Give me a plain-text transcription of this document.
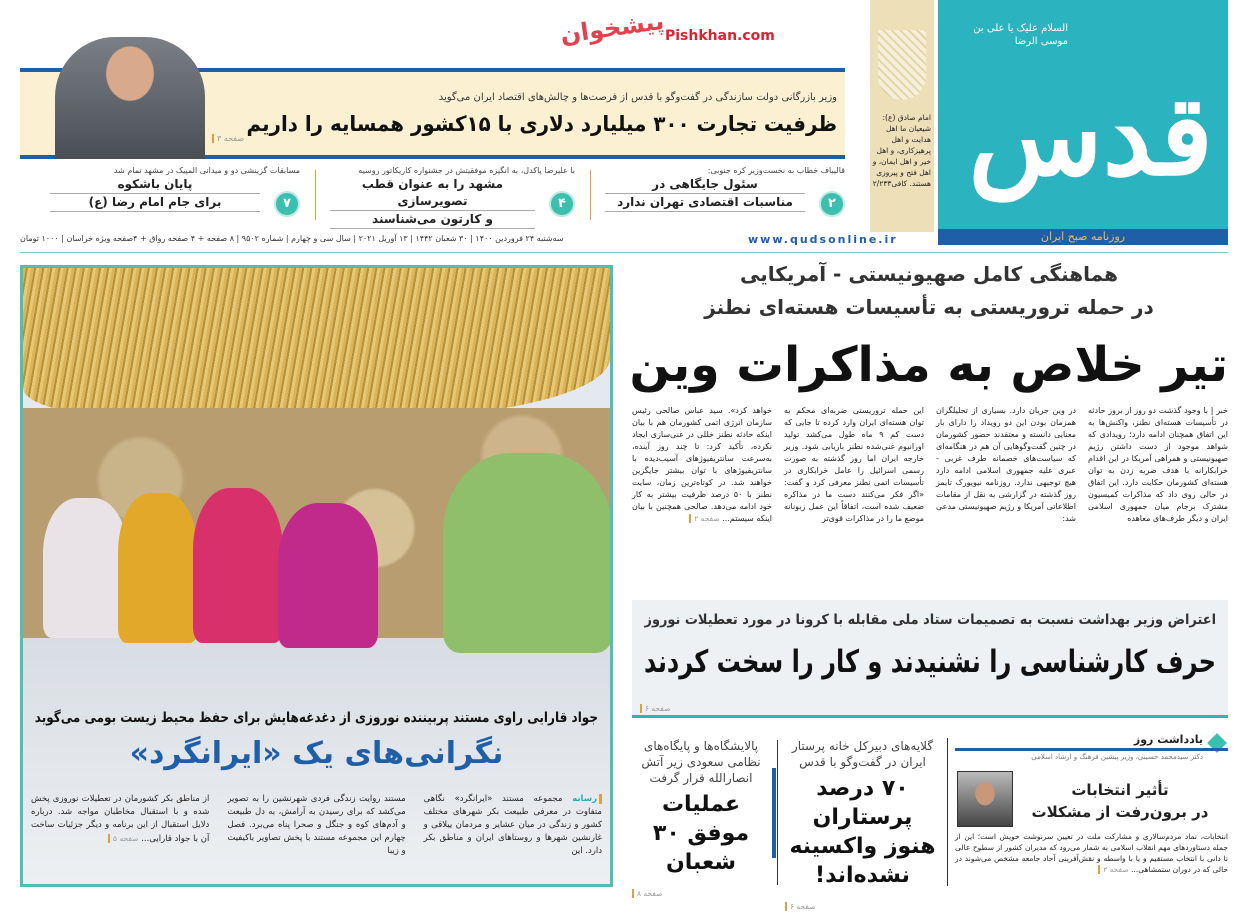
السلام علیک یا علی بن موسی الرضا
قدس
روزنامه صبح ایران

امام صادق (ع): شیعیان ما اهل هدایت و اهل پرهیزکاری، و اهل خیر و اهل ایمان، و اهل فتح و پیروزی هستند. کافی۲/۲۳۳

پیشخوان Pishkhan.com
وزیر بازرگانی دولت سازندگی در گفت‌وگو با قدس از فرصت‌ها و چالش‌های اقتصاد ایران می‌گوید
ظرفیت تجارت ۳۰۰ میلیارد دلاری با ۱۵کشور همسایه را داریم
صفحه ۳
۲
قالیباف خطاب به نخست‌وزیر کره جنوبی:
سئول جایگاهی در
مناسبات اقتصادی تهران ندارد
۴
با علیرضا پاکدل، به انگیزه موفقیتش در جشنواره کاریکاتور روسیه
مشهد را به عنوان قطب تصویرسازی
و کارتون می‌شناسند
۷
مسابقات گزینشی دو و میدانی المپیک در مشهد تمام شد
پایان باشکوه
برای جام امام رضا (ع)
سه‌شنبه ۲۴ فروردین ۱۴۰۰ | ۳۰ شعبان ۱۴۴۲ | ۱۳ آوریل ۲۰۲۱ | سال سی و چهارم | شماره ۹۵۰۲ | ۸ صفحه + ۴ صفحه رواق + ۴صفحه ویژه خراسان | ۱۰۰۰ تومان	www.qudsonline.ir
جواد قارایی راوی مستند پربیننده نوروزی از دغدغه‌هایش برای حفظ محیط زیست بومی می‌گوید
نگرانی‌های یک «ایرانگرد»

رسانه مجموعه مستند «ایرانگرد» نگاهی متفاوت در معرفی طبیعت بکر شهرهای مختلف کشور و زندگی در میان عشایر و مردمان ییلاقی و غارنشین شهرها و روستاهای ایران و مناطق بکر دارد. این

مستند روایت زندگی فردی شهرنشین را به تصویر می‌کشد که برای رسیدن به آرامش، به دل طبیعت و آدم‌های کوه و جنگل و صحرا پناه می‌برد. فصل چهارم این مجموعه مستند با پخش تصاویر باکیفیت و زیبا

از مناطق بکر کشورمان در تعطیلات نوروزی پخش شده و با استقبال مخاطبان مواجه شد. درباره دلایل استقبال از این برنامه و دیگر جزئیات ساخت آن با جواد قارایی... صفحه ۵

هماهنگی کامل صهیونیستی - آمریکایی
در حمله تروریستی به تأسیسات هسته‌ای نطنز
تیر خلاص به مذاکرات وین

خبر | با وجود گذشت دو روز از بروز حادثه در تأسیسات هسته‌ای نطنز، واکنش‌ها به این اتفاق همچنان ادامه دارد؛ رویدادی که شواهد موجود از دست داشتن رژیم صهیونیستی و همراهی آمریکا در این اقدام خرابکارانه با هدف ضربه زدن به توان هسته‌ای کشورمان حکایت دارد. این اتفاق در حالی روی داد که مذاکرات کمیسیون مشترک برجام میان جمهوری اسلامی ایران و دیگر طرف‌های معاهده

در وین جریان دارد. بسیاری از تحلیلگران همزمان بودن این دو رویداد را دارای بار معنایی دانسته و معتقدند حضور کشورمان در چنین گفت‌وگوهایی آن هم در هنگامه‌ای که سیاست‌های خصمانه طرف غربی - عبری علیه جمهوری اسلامی ادامه دارد هیچ توجیهی ندارد. روزنامه نیویورک تایمز روز گذشته در گزارشی به نقل از مقامات اطلاعاتی آمریکا و رژیم صهیونیستی مدعی شد:

این حمله تروریستی ضربه‌ای محکم به توان هسته‌ای ایران وارد کرده تا جایی که دست کم ۹ ماه طول می‌کشد تولید اورانیوم غنی‌شده نطنز بازیابی شود. وزیر خارجه ایران اما روز گذشته به صورت رسمی اسرائیل را عامل خرابکاری در تأسیسات اتمی نطنز معرفی کرد و گفت: «اگر فکر می‌کنند دست ما در مذاکره ضعیف شده است، اتفاقاً این عمل زبونانه موضع ما را در مذاکرات قوی‌تر

خواهد کرد». سید عباس صالحی رئیس سازمان انرژی اتمی کشورمان هم با بیان اینکه حادثه نطنز خللی در غنی‌سازی ایجاد نکرده، تأکید کرد: تا چند روز آینده، به‌سرعت سانتریفیوژهای آسیب‌دیده با سانتریفیوژهای با توان بیشتر جایگزین خواهند شد. در کوتاه‌ترین زمان، سایت نطنز با ۵۰ درصد ظرفیت بیشتر به کار خود ادامه می‌دهد. صالحی همچنین با بیان اینکه سیستم... صفحه ۲

اعتراض وزیر بهداشت نسبت به تصمیمات ستاد ملی مقابله با کرونا در مورد تعطیلات نوروز
حرف کارشناسی را نشنیدند و کار را سخت کردند
صفحه ۶
یادداشت روز
دکتر سیدمحمد حسینی، وزیر پیشین فرهنگ و ارشاد اسلامی
تأثیر انتخابات
در برون‌رفت از مشکلات
انتخابات، نماد مردم‌سالاری و مشارکت ملت در تعیین سرنوشت خویش است؛ این از جمله دستاوردهای مهم انقلاب اسلامی به شمار می‌رود که مدیران کشور از سطوح عالی تا دانی با انتخاب مستقیم و یا با واسطه و نقش‌آفرینی آحاد جامعه مشخص می‌شوند در حالی که در دوران ستمشاهی... صفحه ۲
گلایه‌های دبیرکل خانه پرستار ایران در گفت‌وگو با قدس
۷۰ درصد پرستاران هنوز واکسینه نشده‌اند!
صفحه ۶
پالایشگاه‌ها و پایگاه‌های نظامی سعودی زیر آتش انصارالله قرار گرفت
عملیات موفق ۳۰ شعبان
صفحه ۸
